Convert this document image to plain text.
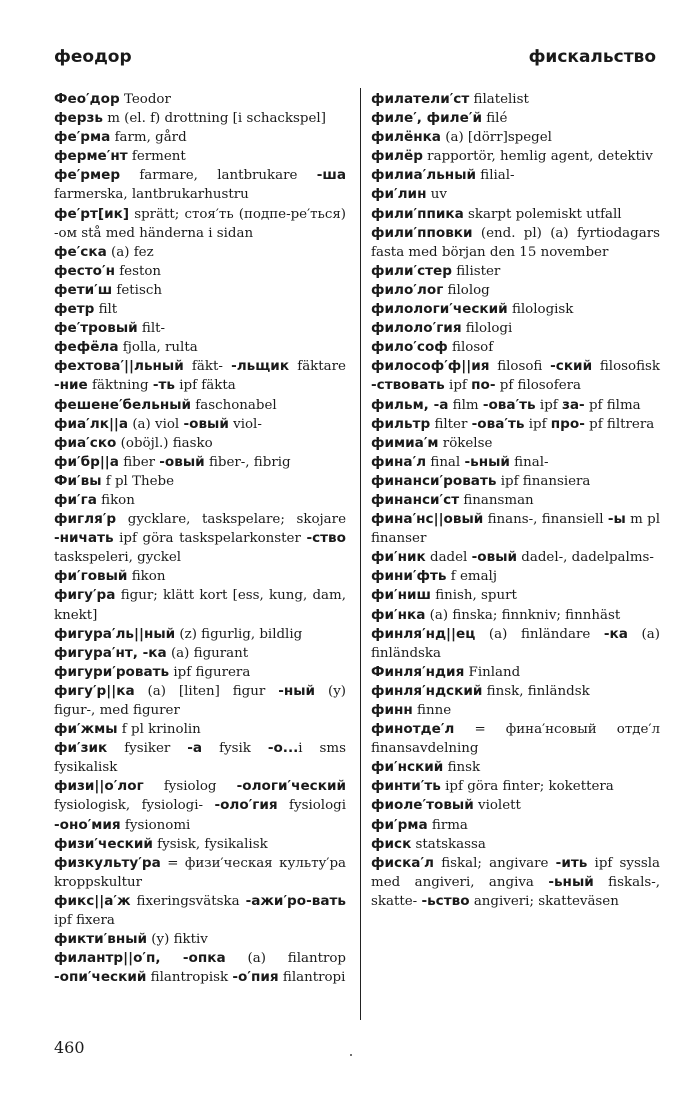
феодор	фискальство
Фео′дор Teodor
ферзь m (el. f) drottning [i schackspel]
фе′рма farm, gård
ферме′нт ferment
фе′рмер farmare, lantbrukare -ша farmerska, lantbrukarhustru
фе′рт[ик] sprätt; стоя′ть (подпе-ре′ться) -ом stå med händerna i sidan
фе′ска (a) fez
фесто′н feston
фети′ш fetisch
фетр filt
фе′тровый filt-
фефёла fjolla, rulta
фехтова′||льный fäkt- -льщик fäktare -ние fäktning -ть ipf fäkta
фешене′бельный faschonabel
фиа′лк||а (a) viol -овый viol-
фиа′ско (oböjl.) fiasko
фи′бр||а fiber -овый fiber-, fibrig
Фи′вы f pl Thebe
фи′га fikon
фигля′р gycklare, taskspelare; skojare -ничать ipf göra taskspelarkonster -ство taskspeleri, gyckel
фи′говый fikon
фигу′ра figur; klätt kort [ess, kung, dam, knekt]
фигура′ль||ный (z) figurlig, bildlig
фигура′нт, -ка (a) figurant
фигури′ровать ipf figurera
фигу′р||ка (a) [liten] figur -ный (y) figur-, med figurer
фи′жмы f pl krinolin
фи′зик fysiker -а fysik -о...i sms fysikalisk
физи||о′лог fysiolog -ологи′ческий fysiologisk, fysiologi- -оло′гия fysiologi -оно′мия fysionomi
физи′ческий fysisk, fysikalisk
физкульту′ра = физи′ческая культу′ра kroppskultur
фикс||а′ж fixeringsvätska -ажи′ро-вать ipf fixera
фикти′вный (y) fiktiv
филантр||о′п, -опка (a) filantrop -опи′ческий filantropisk -о′пия filantropi
филатели′ст filatelist
филе′, филе′й filé
филёнка (a) [dörr]spegel
филёр rapportör, hemlig agent, detektiv
филиа′льный filial-
фи′лин uv
фили′ппика skarpt polemiskt utfall
фили′пповки (end. pl) (a) fyrtiodagars fasta med början den 15 november
фили′стер filister
фило′лог filolog
филологи′ческий filologisk
филоло′гия filologi
фило′соф filosof
философ′ф||ия filosofi -ский filosofisk -ствовать ipf по- pf filosofera
фильм, -а film -ова′ть ipf за- pf filma
фильтр filter -ова′ть ipf про- pf filtrera
фимиа′м rökelse
фина′л final -ьный final-
финанси′ровать ipf finansiera
финанси′ст finansman
фина′нс||овый finans-, finansiell -ы m pl finanser
фи′ник dadel -овый dadel-, dadelpalms-
фини′фть f emalj
фи′ниш finish, spurt
фи′нка (a) finska; finnkniv; finnhäst
финля′нд||ец (a) finländare -ка (a) finländska
Финля′ндия Finland
финля′ндский finsk, finländsk
финн finne
финотде′л = фина′нсовый отде′л finansavdelning
фи′нский finsk
финти′ть ipf göra finter; kokettera
фиоле′товый violett
фи′рма firma
фиск statskassa
фиска′л fiskal; angivare -ить ipf syssla med angiveri, angiva -ьный fiskals-, skatte- -ьство angiveri; skatteväsen
460
